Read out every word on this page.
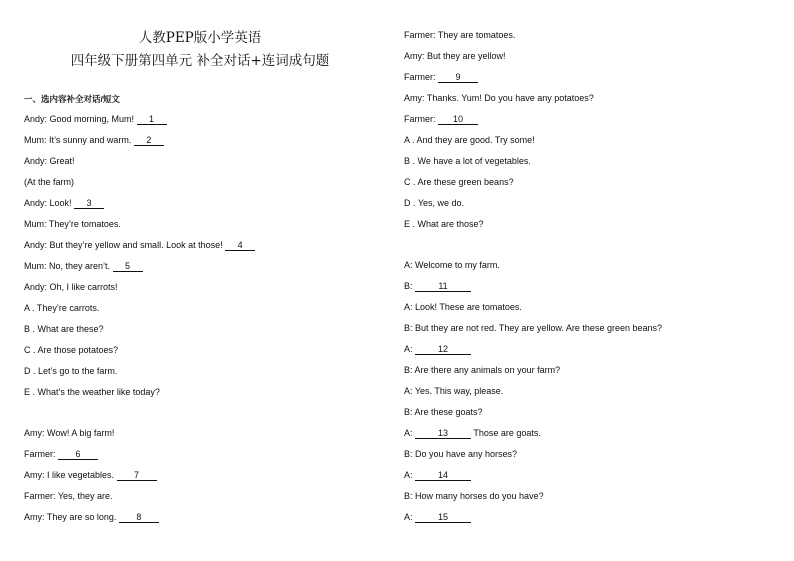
人教PEP版小学英语
四年级下册第四单元 补全对话+连词成句题
一、选内容补全对话/短文
Andy: Good morning, Mum! 1
Mum: It’s sunny and warm. 2
Andy: Great!
(At the farm)
Andy: Look! 3
Mum: They’re tomatoes.
Andy: But they’re yellow and small. Look at those! 4
Mum: No, they aren’t. 5
Andy: Oh, I like carrots!
A . They’re carrots.
B . What are these?
C . Are those potatoes?
D . Let’s go to the farm.
E . What’s the weather like today?
Amy: Wow! A big farm!
Farmer: 6
Amy: I like vegetables. 7
Farmer: Yes, they are.
Amy: They are so long. 8
Farmer: They are tomatoes.
Amy: But they are yellow!
Farmer: 9
Amy: Thanks. Yum! Do you have any potatoes?
Farmer: 10
A . And they are good. Try some!
B . We have a lot of vegetables.
C . Are these green beans?
D . Yes, we do.
E . What are those?
A: Welcome to my farm.
B:	11
A: Look! These are tomatoes.
B: But they are not red. They are yellow. Are these green beans?
A:	12
B: Are there any animals on your farm?
A: Yes. This way, please.
B: Are these goats?
A:	13	Those are goats.
B: Do you have any horses?
A:	14
B: How many horses do you have?
A:	15
